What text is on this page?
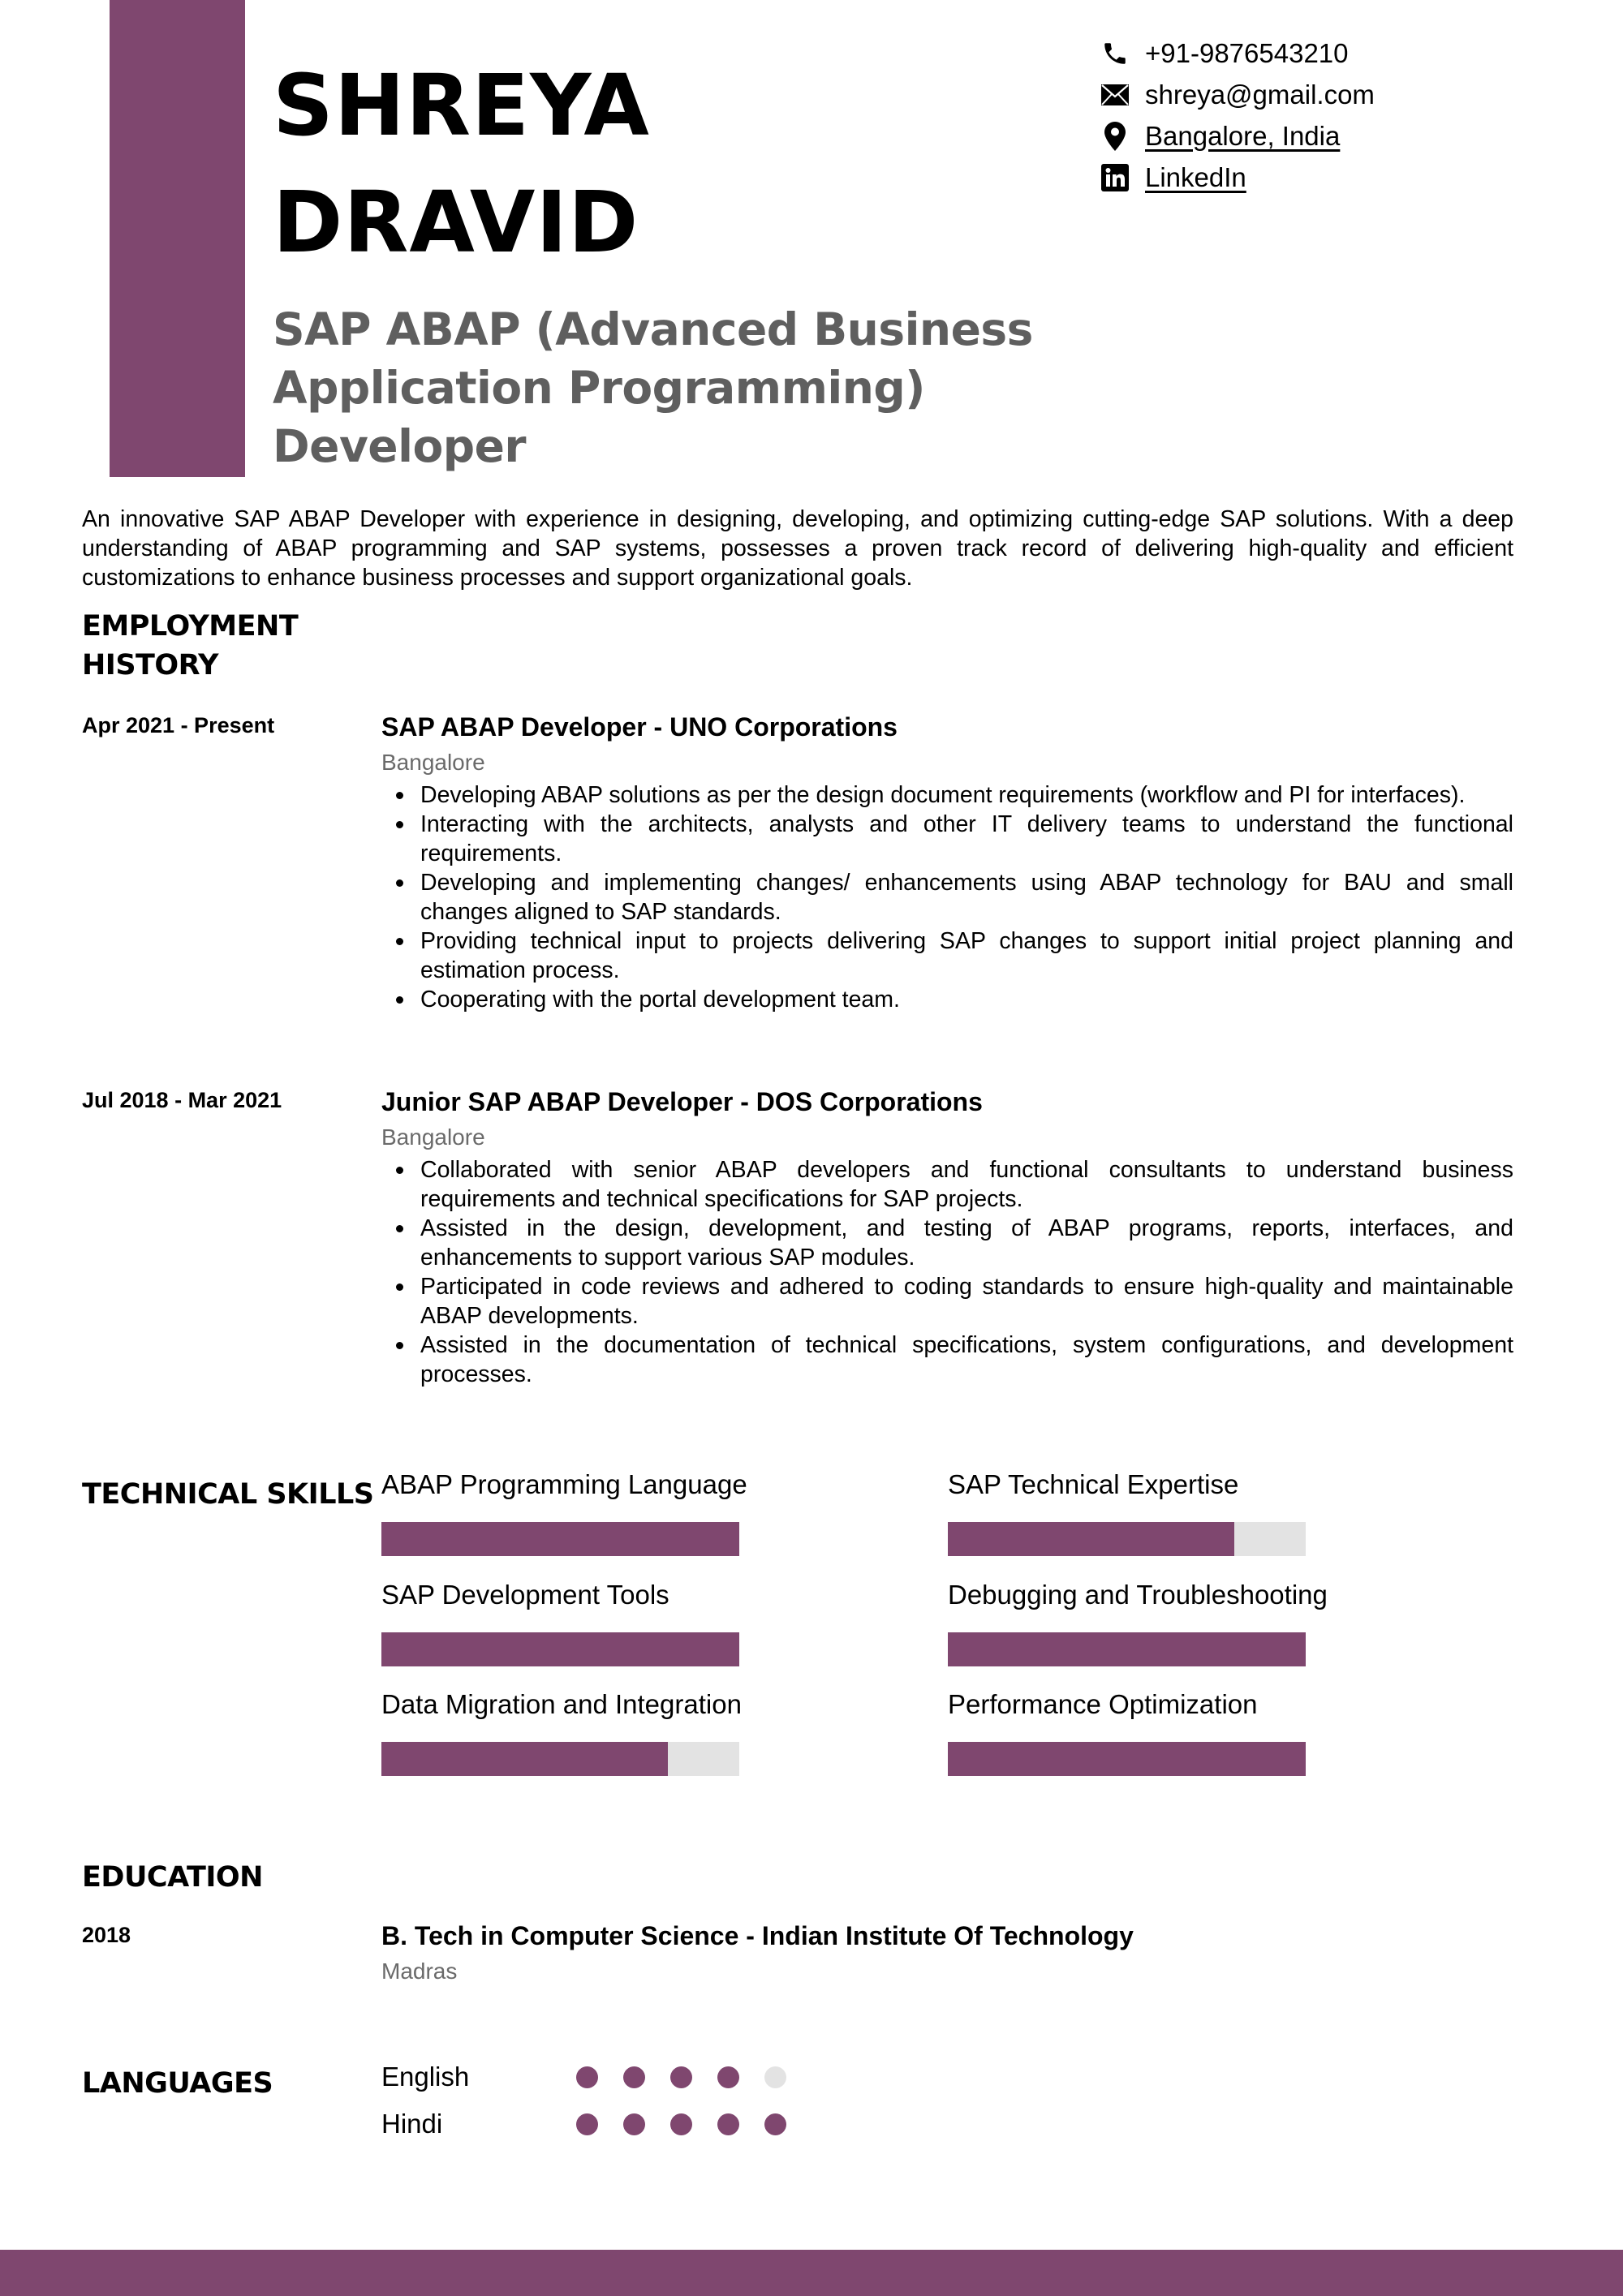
SHREYA
DRAVID
SAP ABAP (Advanced Business Application Programming) Developer
+91-9876543210
shreya@gmail.com
Bangalore, India
LinkedIn

An innovative SAP ABAP Developer with experience in designing, developing, and optimizing cutting-edge SAP solutions. With a deep understanding of ABAP programming and SAP systems, possesses a proven track record of delivering high-quality and efficient customizations to enhance business processes and support organizational goals.

EMPLOYMENT
HISTORY
Apr 2021 - Present	SAP ABAP Developer - UNO Corporations
Bangalore
Developing ABAP solutions as per the design document requirements (workflow and PI for interfaces).
Interacting with the architects, analysts and other IT delivery teams to understand the functional requirements.
Developing and implementing changes/ enhancements using ABAP technology for BAU and small changes aligned to SAP standards.
Providing technical input to projects delivering SAP changes to support initial project planning and estimation process.
Cooperating with the portal development team.
Jul 2018 - Mar 2021	Junior SAP ABAP Developer - DOS Corporations
Bangalore
Collaborated with senior ABAP developers and functional consultants to understand business requirements and technical specifications for SAP projects.
Assisted in the design, development, and testing of ABAP programs, reports, interfaces, and enhancements to support various SAP modules.
Participated in code reviews and adhered to coding standards to ensure high-quality and maintainable ABAP developments.
Assisted in the documentation of technical specifications, system configurations, and development processes.
TECHNICAL SKILLS ABAP Programming Language	SAP Technical Expertise
SAP Development Tools	Debugging and Troubleshooting
Data Migration and Integration	Performance Optimization
EDUCATION
2018	B. Tech in Computer Science - Indian Institute Of Technology
Madras
LANGUAGES	English
Hindi
